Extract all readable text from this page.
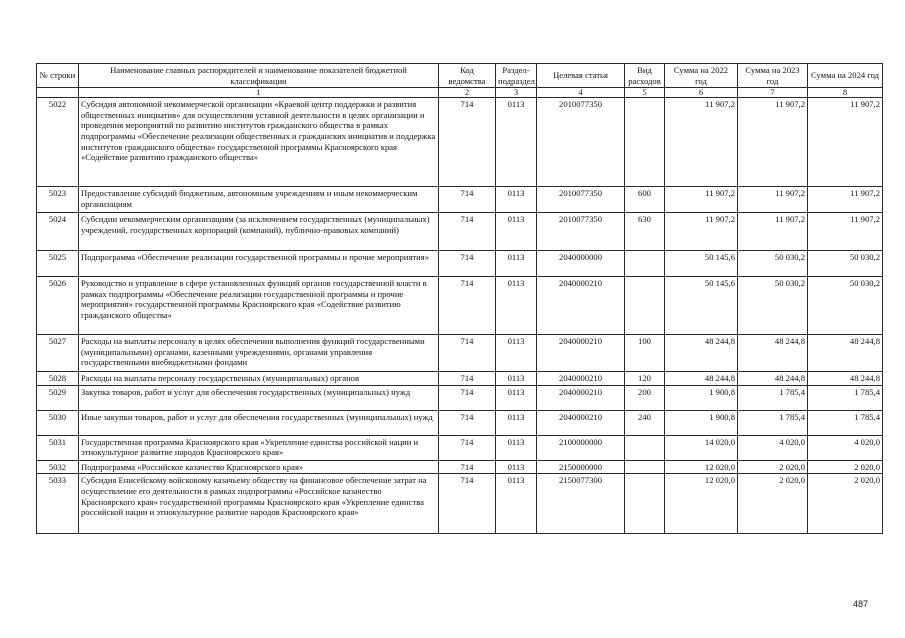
№ строки	Наименование главных распорядителей и наименование показателей бюджетной классификации	Код ведомства	Раздел-подраздел	Целевая статья	Вид расходов	Сумма на 2022 год	Сумма на 2023 год	Сумма на 2024 год
	1	2	3	4	5	6	7	8
5022	Субсидия автономной некоммерческой организации «Краевой центр поддержки и развития общественных инициатив» для осуществления уставной деятельности в целях организации и проведения мероприятий по развитию институтов гражданского общества в рамках подпрограммы «Обеспечение реализации общественных и гражданских инициатив и поддержка институтов гражданского общества» государственной программы Красноярского края «Содействие развитию гражданского общества»	714	0113	2010077350		11 907,2	11 907,2	11 907,2
5023	Предоставление субсидий бюджетным, автономным учреждениям и иным некоммерческим организациям	714	0113	2010077350	600	11 907,2	11 907,2	11 907,2
5024	Субсидии некоммерческим организациям (за исключением государственных (муниципальных) учреждений, государственных корпораций (компаний), публично-правовых компаний)	714	0113	2010077350	630	11 907,2	11 907,2	11 907,2
5025	Подпрограмма «Обеспечение реализации государственной программы и прочие мероприятия»	714	0113	2040000000		50 145,6	50 030,2	50 030,2
5026	Руководство и управление в сфере установленных функций органов государственной власти в рамках подпрограммы «Обеспечение реализации государственной программы и прочие мероприятия» государственной программы Красноярского края «Содействие развитию гражданского общества»	714	0113	2040000210		50 145,6	50 030,2	50 030,2
5027	Расходы на выплаты персоналу в целях обеспечения выполнения функций государственными (муниципальными) органами, казенными учреждениями, органами управления государственными внебюджетными фондами	714	0113	2040000210	100	48 244,8	48 244,8	48 244,8
5028	Расходы на выплаты персоналу государственных (муниципальных) органов	714	0113	2040000210	120	48 244,8	48 244,8	48 244,8
5029	Закупка товаров, работ и услуг для обеспечения государственных (муниципальных) нужд	714	0113	2040000210	200	1 900,8	1 785,4	1 785,4
5030	Иные закупки товаров, работ и услуг для обеспечения государственных (муниципальных) нужд	714	0113	2040000210	240	1 900,8	1 785,4	1 785,4
5031	Государственная программа Красноярского края «Укрепление единства российской нации и этнокультурное развитие народов Красноярского края»	714	0113	2100000000		14 020,0	4 020,0	4 020,0
5032	Подпрограмма «Российское казачество Красноярского края»	714	0113	2150000000		12 020,0	2 020,0	2 020,0
5033	Субсидия Енисейскому войсковому казачьему обществу на финансовое обеспечение затрат на осуществление его деятельности в рамках подпрограммы «Российское казачество Красноярского края» государственной программы Красноярского края «Укрепление единства российской нации и этнокультурное развитие народов Красноярского края»	714	0113	2150077300		12 020,0	2 020,0	2 020,0
487
